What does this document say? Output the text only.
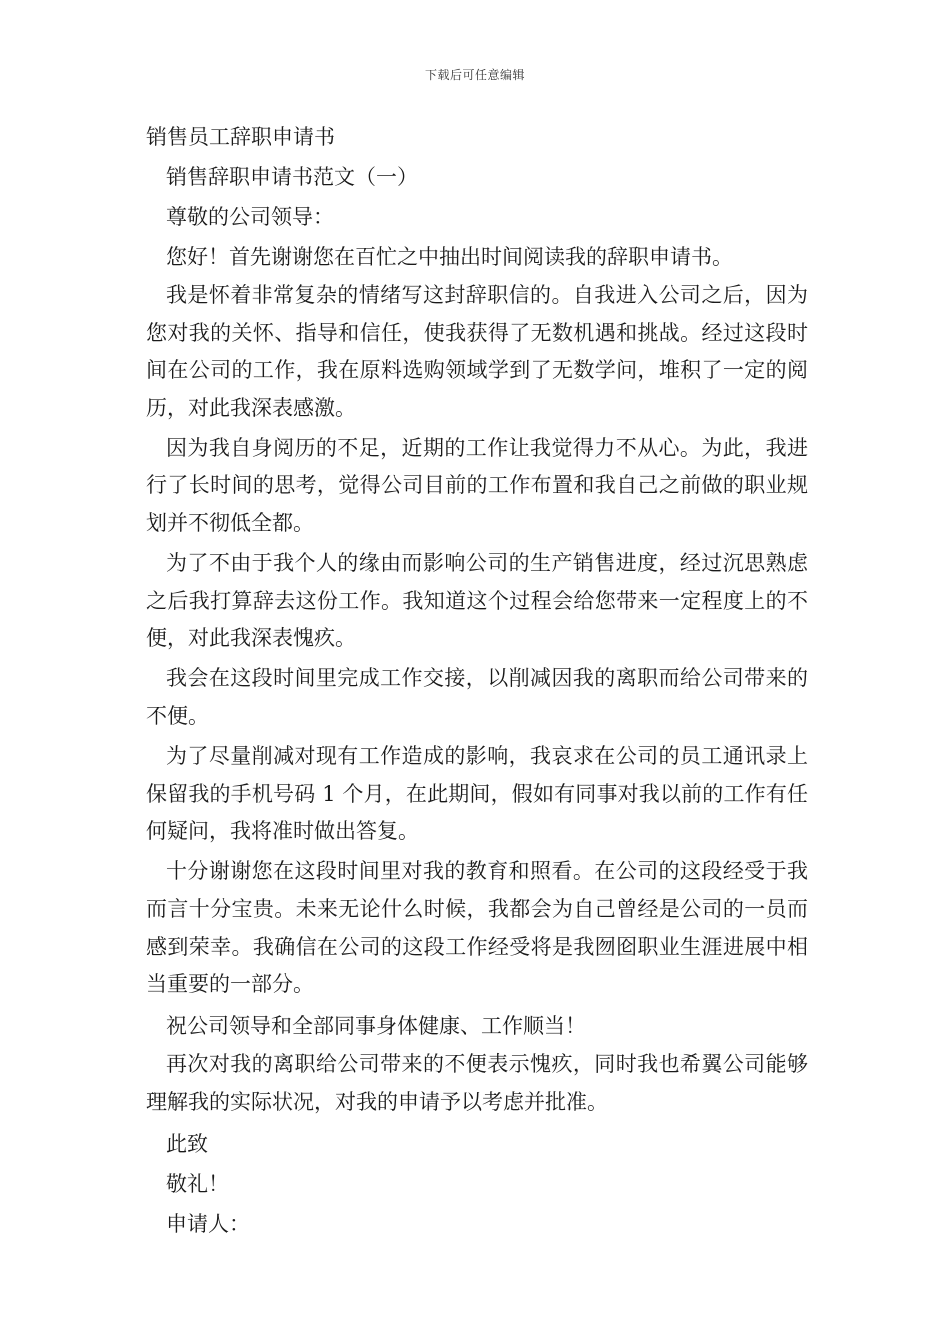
下载后可任意编辑

销售员工辞职申请书

销售辞职申请书范文（一）

尊敬的公司领导：

您好！首先谢谢您在百忙之中抽出时间阅读我的辞职申请书。

我是怀着非常复杂的情绪写这封辞职信的。自我进入公司之后，因为您对我的关怀、指导和信任，使我获得了无数机遇和挑战。经过这段时间在公司的工作，我在原料选购领域学到了无数学问，堆积了一定的阅历，对此我深表感激。

因为我自身阅历的不足，近期的工作让我觉得力不从心。为此，我进行了长时间的思考，觉得公司目前的工作布置和我自己之前做的职业规划并不彻低全都。

为了不由于我个人的缘由而影响公司的生产销售进度，经过沉思熟虑之后我打算辞去这份工作。我知道这个过程会给您带来一定程度上的不便，对此我深表愧疚。

我会在这段时间里完成工作交接，以削减因我的离职而给公司带来的不便。

为了尽量削减对现有工作造成的影响，我哀求在公司的员工通讯录上保留我的手机号码 1 个月，在此期间，假如有同事对我以前的工作有任何疑问，我将准时做出答复。

十分谢谢您在这段时间里对我的教育和照看。在公司的这段经受于我而言十分宝贵。未来无论什么时候，我都会为自己曾经是公司的一员而感到荣幸。我确信在公司的这段工作经受将是我囫囵职业生涯进展中相当重要的一部分。

祝公司领导和全部同事身体健康、工作顺当！

再次对我的离职给公司带来的不便表示愧疚，同时我也希翼公司能够理解我的实际状况，对我的申请予以考虑并批准。

此致

敬礼！

申请人：
